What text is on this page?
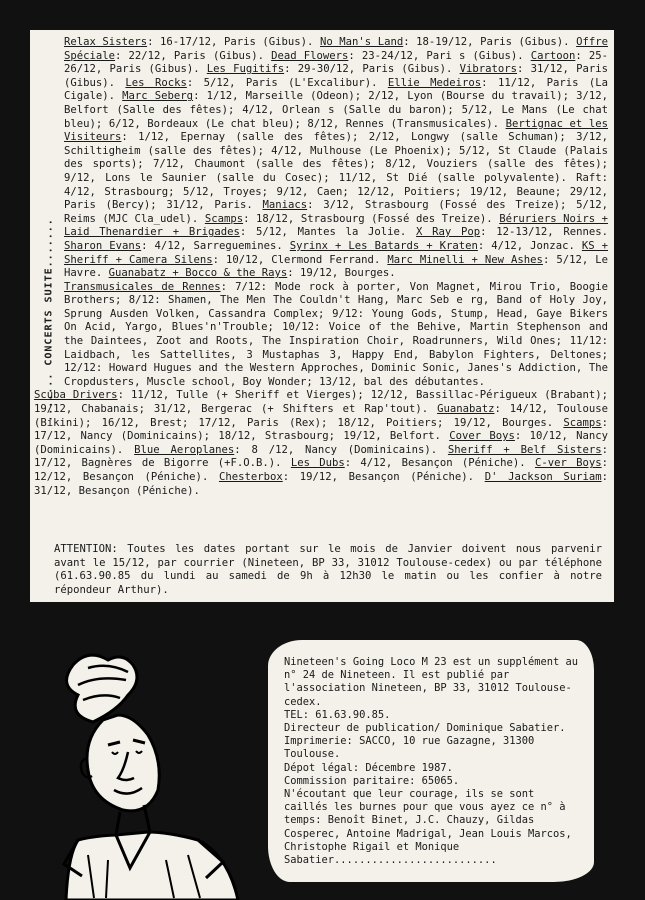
....... CONCERTS SUITE.......

Relax Sisters: 16-17/12, Paris (Gibus). No Man's Land: 18-19/12, Paris (Gibus). Offre Spéciale: 22/12, Paris (Gibus). Dead Flowers: 23-24/12, Pari s (Gibus). Cartoon: 25-26/12, Paris (Gibus). Les Fugitifs: 29-30/12, Paris (Gibus). Vibrators: 31/12, Paris (Gibus). Les Rocks: 5/12, Paris (L'Excalibur). Ellie Medeiros: 11/12, Paris (La Cigale). Marc Seberg: 1/12, Marseille (Odeon); 2/12, Lyon (Bourse du travail); 3/12, Belfort (Salle des fêtes); 4/12, Orlean s (Salle du baron); 5/12, Le Mans (Le chat bleu); 6/12, Bordeaux (Le chat bleu); 8/12, Rennes (Transmusicales). Bertignac et les Visiteurs: 1/12, Epernay (salle des fêtes); 2/12, Longwy (salle Schuman); 3/12, Schiltigheim (salle des fêtes); 4/12, Mulhouse (Le Phoenix); 5/12, St Claude (Palais des sports); 7/12, Chaumont (salle des fêtes); 8/12, Vouziers (salle des fêtes); 9/12, Lons le Saunier (salle du Cosec); 11/12, St Dié (salle polyvalente). Raft: 4/12, Strasbourg; 5/12, Troyes; 9/12, Caen; 12/12, Poitiers; 19/12, Beaune; 29/12, Paris (Bercy); 31/12, Paris. Maniacs: 3/12, Strasbourg (Fossé des Treize); 5/12, Reims (MJC Cla_udel). Scamps: 18/12, Strasbourg (Fossé des Treize). Béruriers Noirs + Laid Thenardier + Brigades: 5/12, Mantes la Jolie. X Ray Pop: 12-13/12, Rennes. Sharon Evans: 4/12, Sarreguemines. Syrinx + Les Batards + Kraten: 4/12, Jonzac. KS + Sheriff + Camera Silens: 10/12, Clermond Ferrand. Marc Minelli + New Ashes: 5/12, Le Havre. Guanabatz + Bocco & the Rays: 19/12, Bourges.

Transmusicales de Rennes: 7/12: Mode rock à porter, Von Magnet, Mirou Trio, Boogie Brothers; 8/12: Shamen, The Men The Couldn't Hang, Marc Seb e rg, Band of Holy Joy, Sprung Ausden Volken, Cassandra Complex; 9/12: Young Gods, Stump, Head, Gaye Bikers On Acid, Yargo, Blues'n'Trouble; 10/12: Voice of the Behive, Martin Stephenson and the Daintees, Zoot and Roots, The Inspiration Choir, Roadrunners, Wild Ones; 11/12: Laidbach, les Sattellites, 3 Mustaphas 3, Happy End, Babylon Fighters, Deltones; 12/12: Howard Hugues and the Western Approches, Dominic Sonic, Janes's Addiction, The Cropdusters, Muscle school, Boy Wonder; 13/12, bal des débutantes.

Scuba Drivers: 11/12, Tulle (+ Sheriff et Vierges); 12/12, Bassillac-Périgueux (Brabant); 19/12, Chabanais; 31/12, Bergerac (+ Shifters et Rap'tout). Guanabatz: 14/12, Toulouse (Bikini); 16/12, Brest; 17/12, Paris (Rex); 18/12, Poitiers; 19/12, Bourges. Scamps: 17/12, Nancy (Dominicains); 18/12, Strasbourg; 19/12, Belfort. Cover Boys: 10/12, Nancy (Dominicains). Blue Aeroplanes: 8 /12, Nancy (Dominicains). Sheriff + Belf Sisters: 17/12, Bagnères de Bigorre (+F.O.B.). Les Dubs: 4/12, Besançon (Péniche). C-ver Boys: 12/12, Besançon (Péniche). Chesterbox: 19/12, Besançon (Péniche). D' Jackson Suriam: 31/12, Besançon (Péniche).

ATTENTION: Toutes les dates portant sur le mois de Janvier doivent nous parvenir avant le 15/12, par courrier (Nineteen, BP 33, 31012 Toulouse-cedex) ou par téléphone (61.63.90.85 du lundi au samedi de 9h à 12h30 le matin ou les confier à notre répondeur Arthur).

Nineteen's Going Loco M 23 est un supplément au n° 24 de Nineteen. Il est publié par l'association Nineteen, BP 33, 31012 Toulouse-cedex.

TEL: 61.63.90.85.

Directeur de publication/ Dominique Sabatier. Imprimerie: SACCO, 10 rue Gazagne, 31300 Toulouse.

Dépot légal: Décembre 1987.

Commission paritaire: 65065.

N'écoutant que leur courage, ils se sont caillés les burnes pour que vous ayez ce n° à temps: Benoît Binet, J.C. Chauzy, Gildas Cosperec, Antoine Madrigal, Jean Louis Marcos, Christophe Rigail et Monique Sabatier..........................
